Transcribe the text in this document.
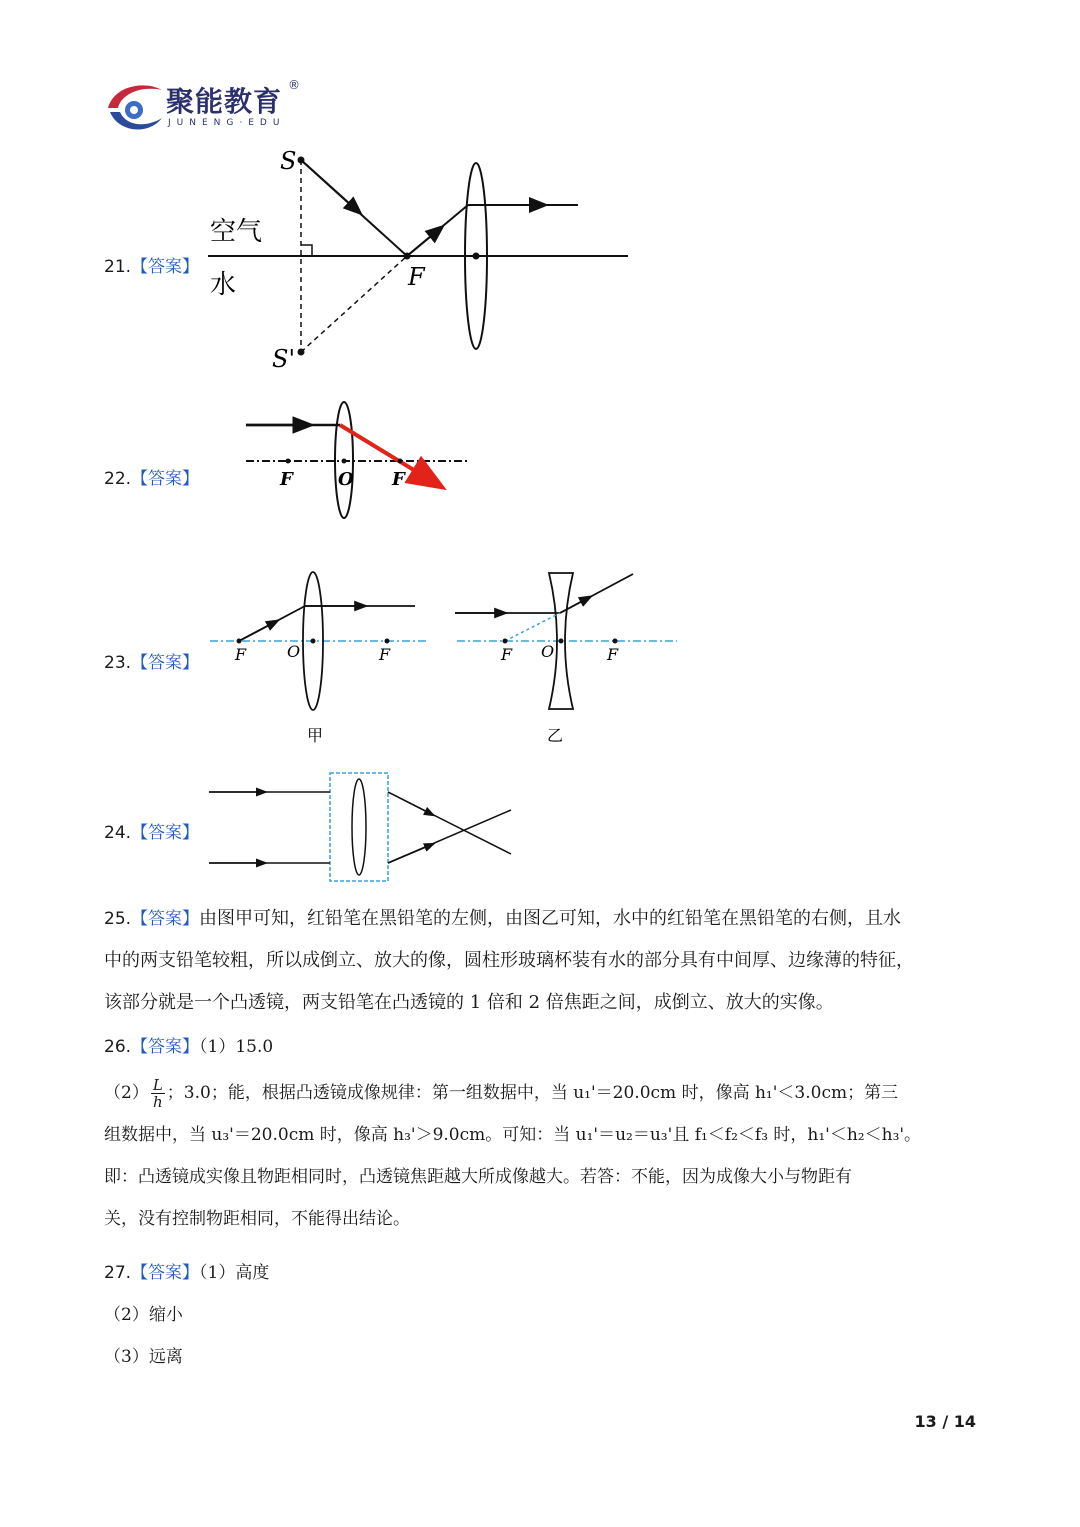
聚能教育 ®
JUNENG·EDU
21.【答案】
S
S'
F
空气
水
22.【答案】	F	O F
23.【答案】 F	O	F
甲
F O	F
乙
24.【答案】
25.【答案】由图甲可知，红铅笔在黑铅笔的左侧，由图乙可知，水中的红铅笔在黑铅笔的右侧，且水
中的两支铅笔较粗，所以成倒立、放大的像，圆柱形玻璃杯装有水的部分具有中间厚、边缘薄的特征，
该部分就是一个凸透镜，两支铅笔在凸透镜的 1 倍和 2 倍焦距之间，成倒立、放大的实像。
26.【答案】（1）15.0
$(2) \frac{L}{h}$ ；3.0；能，根据凸透镜成像规律：第一组数据中，当 u₁'＝20.0cm 时，像高 h₁'＜3.0cm；第三
组数据中，当 u₃'＝20.0cm 时，像高 h₃'＞9.0cm。可知：当 u₁'＝u₂＝u₃'且 f₁＜f₂＜f₃ 时，h₁'＜h₂＜h₃'。
即：凸透镜成实像且物距相同时，凸透镜焦距越大所成像越大。若答：不能，因为成像大小与物距有
关，没有控制物距相同，不能得出结论。
27.【答案】（1）高度
（2）缩小
（3）远离
13 / 14
